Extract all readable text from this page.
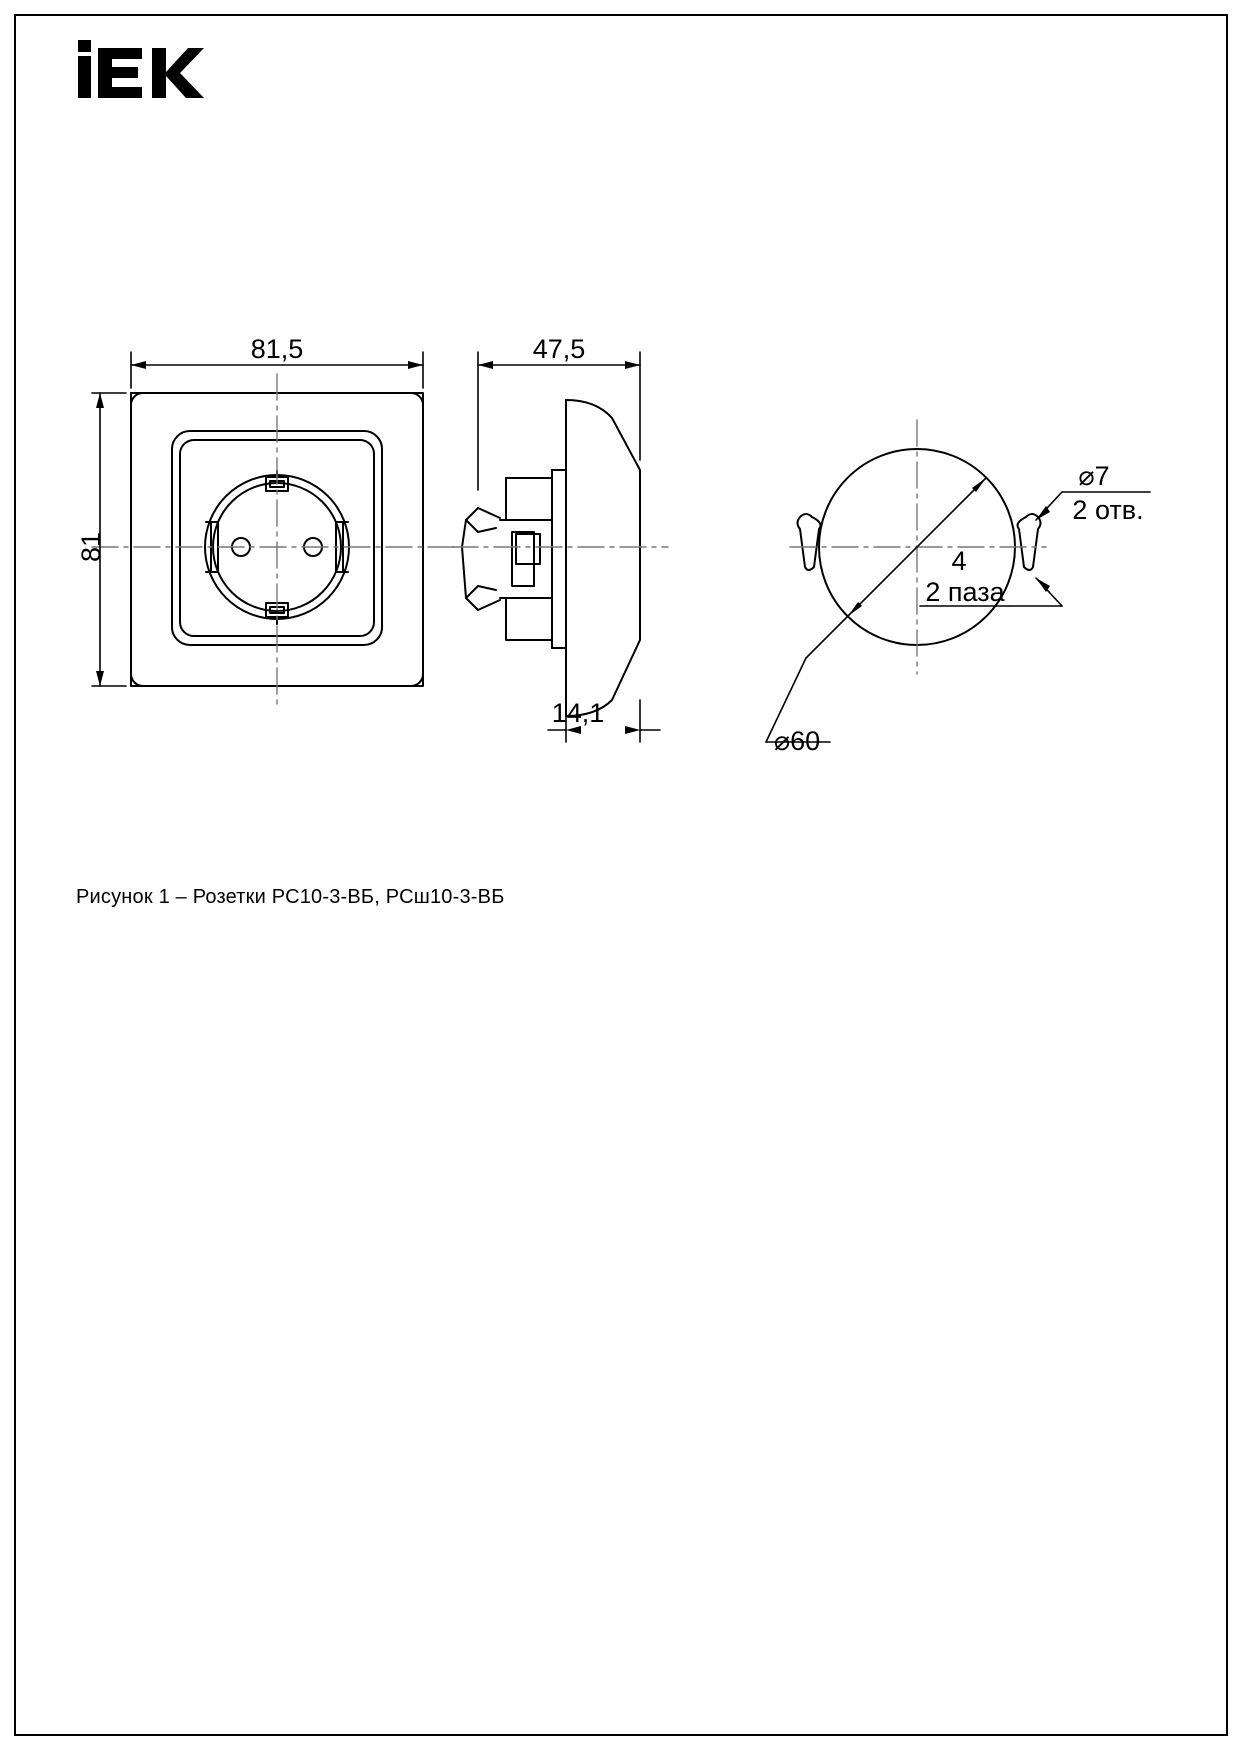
81,5
81
47,5
14,1
⌀7
2 отв.
4
2 паза
⌀60
Рисунок 1 – Розетки РС10-3-ВБ, РСш10-3-ВБ
